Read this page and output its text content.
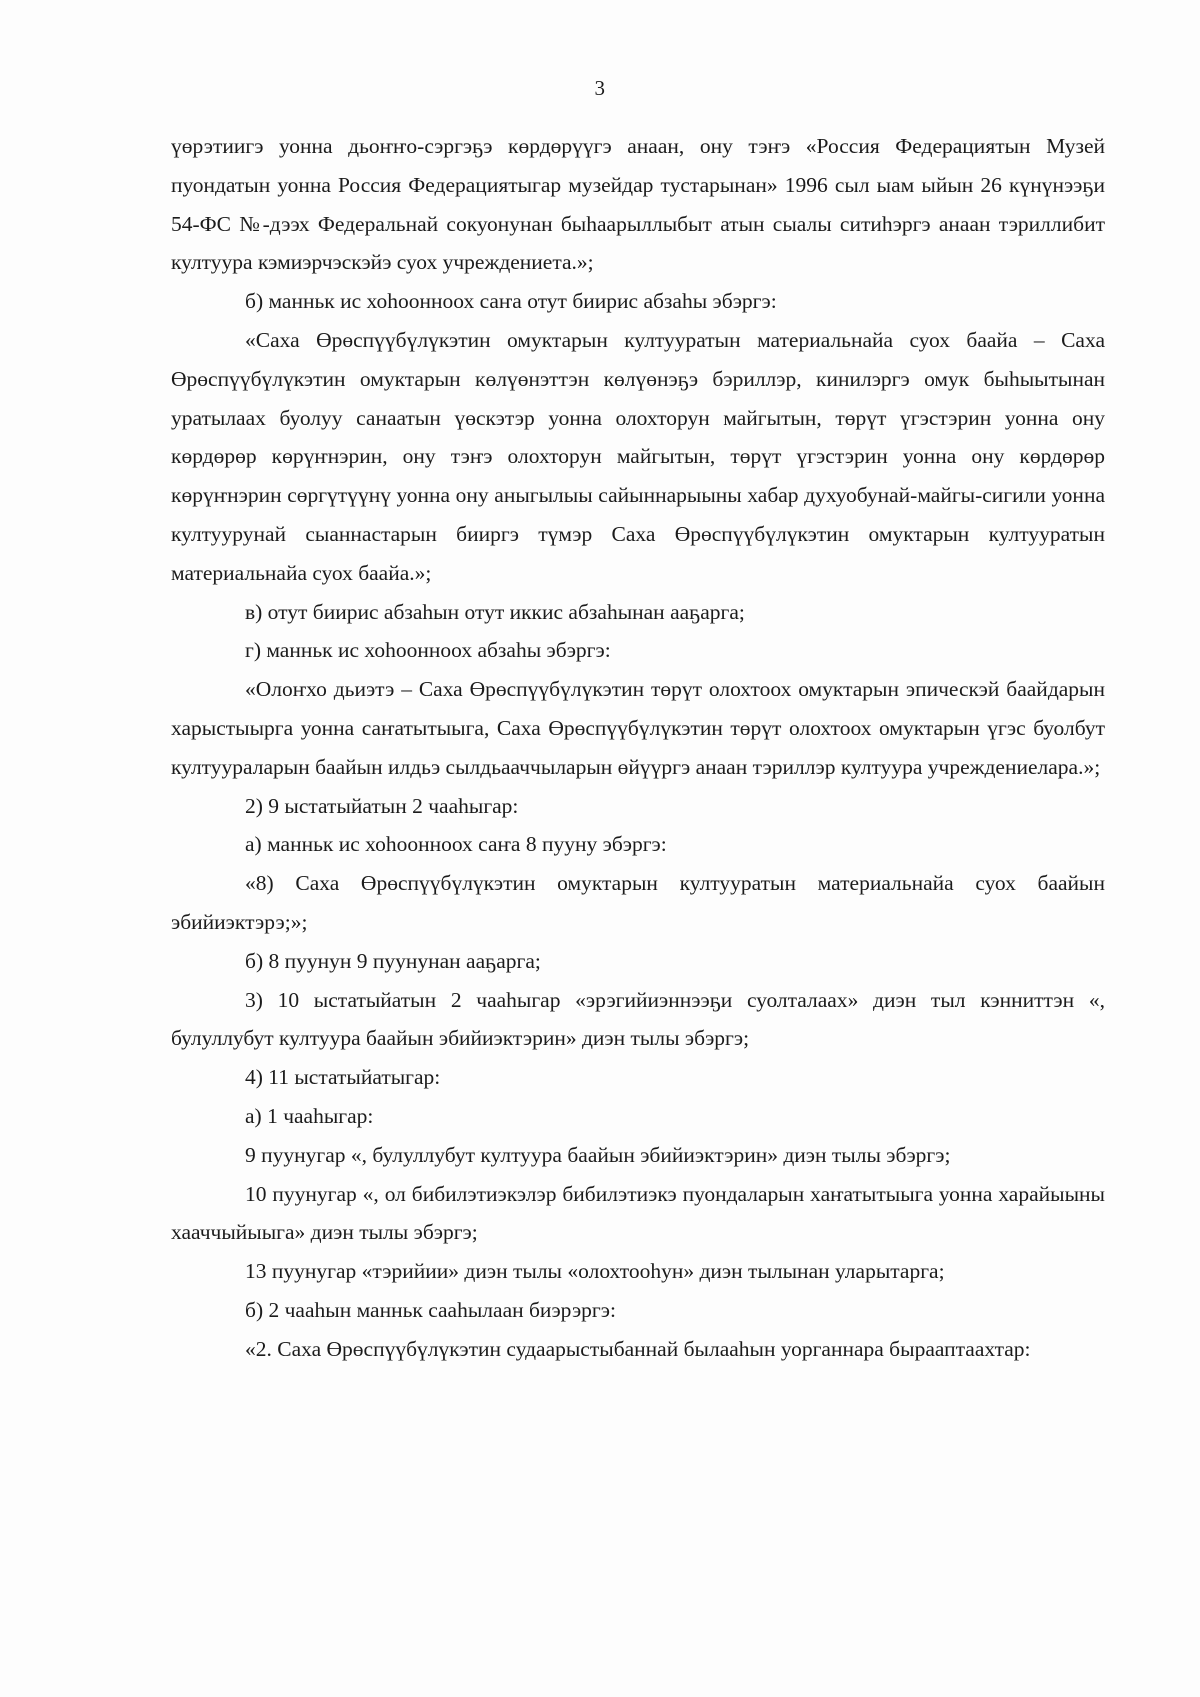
3

үөрэтиигэ уонна дьоҥҥо-сэргэҕэ көрдөрүүгэ анаан, ону тэҥэ «Россия Федерациятын Музей пуондатын уонна Россия Федерациятыгар музейдар тустарынан» 1996 сыл ыам ыйын 26 күнүнээҕи 54-ФС №-дээх Федеральнай сокуонунан быһаарыллыбыт атын сыалы ситиһэргэ анаан тэриллибит култуура кэмиэрчэскэйэ суох учреждениета.»;

б) манньк ис хоһоонноох саҥа отут биирис абзаһы эбэргэ:

«Саха Өрөспүүбүлүкэтин омуктарын култууратын материальнайа суох баайа – Саха Өрөспүүбүлүкэтин омуктарын көлүөнэттэн көлүөнэҕэ бэриллэр, кинилэргэ омук быһыытынан уратылаах буолуу санаатын үөскэтэр уонна олохторун майгытын, төрүт үгэстэрин уонна ону көрдөрөр көрүҥнэрин, ону тэҥэ олохторун майгытын, төрүт үгэстэрин уонна ону көрдөрөр көрүҥнэрин сөргүтүүнү уонна ону аныгылыы сайыннарыыны хабар духуобунай-майгы-сигили уонна култуурунай сыаннастарын бииргэ түмэр Саха Өрөспүүбүлүкэтин омуктарын култууратын материальнайа суох баайа.»;

в) отут биирис абзаһын отут иккис абзаһынан ааҕарга;

г) манньк ис хоһоонноох абзаһы эбэргэ:

«Олоҥхо дьиэтэ – Саха Өрөспүүбүлүкэтин төрүт олохтоох омуктарын эпическэй баайдарын харыстыырга уонна саҥатытыыга, Саха Өрөспүүбүлүкэтин төрүт олохтоох омуктарын үгэс буолбут култуураларын баайын илдьэ сылдьааччыларын өйүүргэ анаан тэриллэр култуура учреждениелара.»;

2) 9 ыстатыйатын 2 чааһыгар:

а) манньк ис хоһоонноох саҥа 8 пууну эбэргэ:

«8) Саха Өрөспүүбүлүкэтин омуктарын култууратын материальнайа суох баайын эбийиэктэрэ;»;

б) 8 пуунун 9 пуунунан ааҕарга;

3) 10 ыстатыйатын 2 чааһыгар «эрэгийиэннээҕи суолталаах» диэн тыл кэнниттэн «, булуллубут култуура баайын эбийиэктэрин» диэн тылы эбэргэ;

4) 11 ыстатыйатыгар:

а) 1 чааһыгар:

9 пуунугар «, булуллубут култуура баайын эбийиэктэрин» диэн тылы эбэргэ;

10 пуунугар «, ол бибилэтиэкэлэр бибилэтиэкэ пуондаларын хаҥатытыыга уонна харайыыны хааччыйыыга» диэн тылы эбэргэ;

13 пуунугар «тэрийии» диэн тылы «олохтооһун» диэн тылынан уларытарга;

б) 2 чааһын манньк сааһылаан биэрэргэ:

«2. Саха Өрөспүүбүлүкэтин судаарыстыбаннай былааһын уорганнара бырааптаахтар:
